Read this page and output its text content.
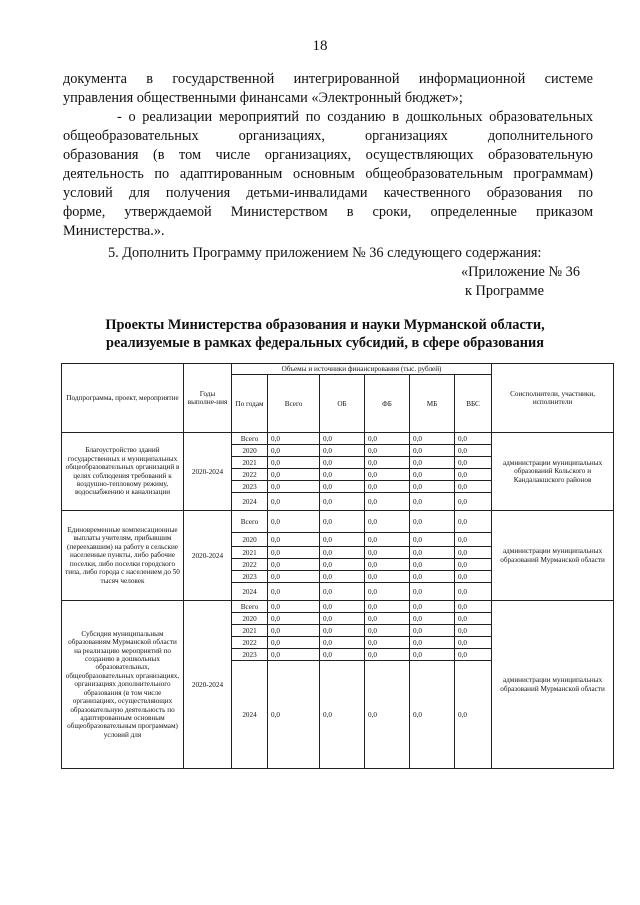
18
документа в государственной интегрированной информационной системе
управления общественными финансами «Электронный бюджет»;
- о реализации мероприятий по созданию в дошкольных образовательных
общеобразовательных организациях, организациях дополнительного
образования (в том числе организациях, осуществляющих образовательную
деятельность по адаптированным основным общеобразовательным программам)
условий для получения детьми-инвалидами качественного образования по
форме, утверждаемой Министерством в сроки, определенные приказом
Министерства.».
5. Дополнить Программу приложением № 36 следующего содержания:
«Приложение № 36
к Программе
Проекты Министерства образования и науки Мурманской области,
реализуемые в рамках федеральных субсидий, в сфере образования
Подпрограмма, проект, мероприятие	Годы выполне-ния	Объемы и источники финансирования (тыс. рублей)						Соисполнители, участники, исполнители
		По годам	Всего	ОБ	ФБ	МБ	ВБС	
Благоустройство зданий государственных и муниципальных общеобразовательных организаций в целях соблюдения требований к воздушно-тепловому режиму, водоснабжению и канализации	2020-2024	Всего	0,0	0,0	0,0	0,0	0,0	администрации муниципальных образований Кольского и Кандалакшского районов
		2020	0,0	0,0	0,0	0,0	0,0	
		2021	0,0	0,0	0,0	0,0	0,0	
		2022	0,0	0,0	0,0	0,0	0,0	
		2023	0,0	0,0	0,0	0,0	0,0	
		2024	0,0	0,0	0,0	0,0	0,0	
Единовременные компенсационные выплаты учителям, прибывшим (переехавшим) на работу в сельские населенные пункты, либо рабочие поселки, либо поселки городского типа, либо города с населением до 50 тысяч человек	2020-2024	Всего	0,0	0,0	0,0	0,0	0,0	администрации муниципальных образований Мурманской области
		2020	0,0	0,0	0,0	0,0	0,0	
		2021	0,0	0,0	0,0	0,0	0,0	
		2022	0,0	0,0	0,0	0,0	0,0	
		2023	0,0	0,0	0,0	0,0	0,0	
		2024	0,0	0,0	0,0	0,0	0,0	
Субсидия муниципальным образованиям Мурманской области на реализацию мероприятий по созданию в дошкольных образовательных, общеобразовательных организациях, организациях дополнительного образования (в том числе организациях, осуществляющих образовательную деятельность по адаптированным основным общеобразовательным программам) условий для	2020-2024	Всего	0,0	0,0	0,0	0,0	0,0	администрации муниципальных образований Мурманской области
		2020	0,0	0,0	0,0	0,0	0,0	
		2021	0,0	0,0	0,0	0,0	0,0	
		2022	0,0	0,0	0,0	0,0	0,0	
		2023	0,0	0,0	0,0	0,0	0,0	
		2024	0,0	0,0	0,0	0,0	0,0	
